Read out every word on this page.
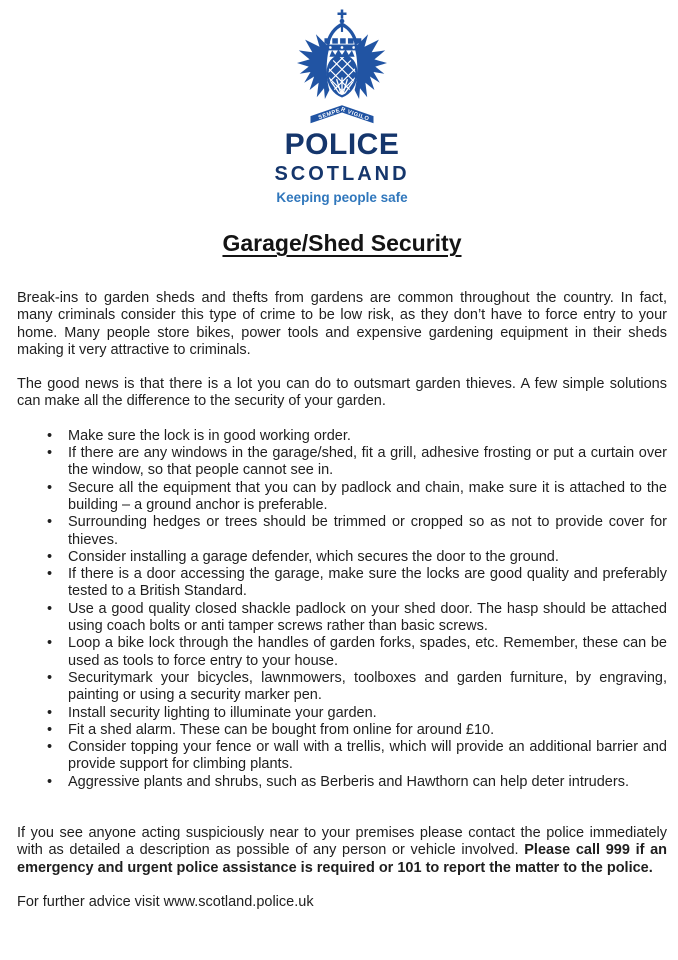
SEMPER VIGILO
POLICE
SCOTLAND
Keeping people safe
Garage/Shed Security

Break-ins to garden sheds and thefts from gardens are common throughout the country. In fact, many criminals consider this type of crime to be low risk, as they don’t have to force entry to your home. Many people store bikes, power tools and expensive gardening equipment in their sheds making it very attractive to criminals.

The good news is that there is a lot you can do to outsmart garden thieves. A few simple solutions can make all the difference to the security of your garden.

• Make sure the lock is in good working order.
• If there are any windows in the garage/shed, fit a grill, adhesive frosting or put a curtain over the window, so that people cannot see in.
• Secure all the equipment that you can by padlock and chain, make sure it is attached to the building – a ground anchor is preferable.
• Surrounding hedges or trees should be trimmed or cropped so as not to provide cover for thieves.
• Consider installing a garage defender, which secures the door to the ground.
• If there is a door accessing the garage, make sure the locks are good quality and preferably tested to a British Standard.
• Use a good quality closed shackle padlock on your shed door. The hasp should be attached using coach bolts or anti tamper screws rather than basic screws.
• Loop a bike lock through the handles of garden forks, spades, etc. Remember, these can be used as tools to force entry to your house.
• Securitymark your bicycles, lawnmowers, toolboxes and garden furniture, by engraving, painting or using a security marker pen.
• Install security lighting to illuminate your garden.
• Fit a shed alarm. These can be bought from online for around £10.
• Consider topping your fence or wall with a trellis, which will provide an additional barrier and provide support for climbing plants.
• Aggressive plants and shrubs, such as Berberis and Hawthorn can help deter intruders.

If you see anyone acting suspiciously near to your premises please contact the police immediately with as detailed a description as possible of any person or vehicle involved. Please call 999 if an emergency and urgent police assistance is required or 101 to report the matter to the police.

For further advice visit www.scotland.police.uk
